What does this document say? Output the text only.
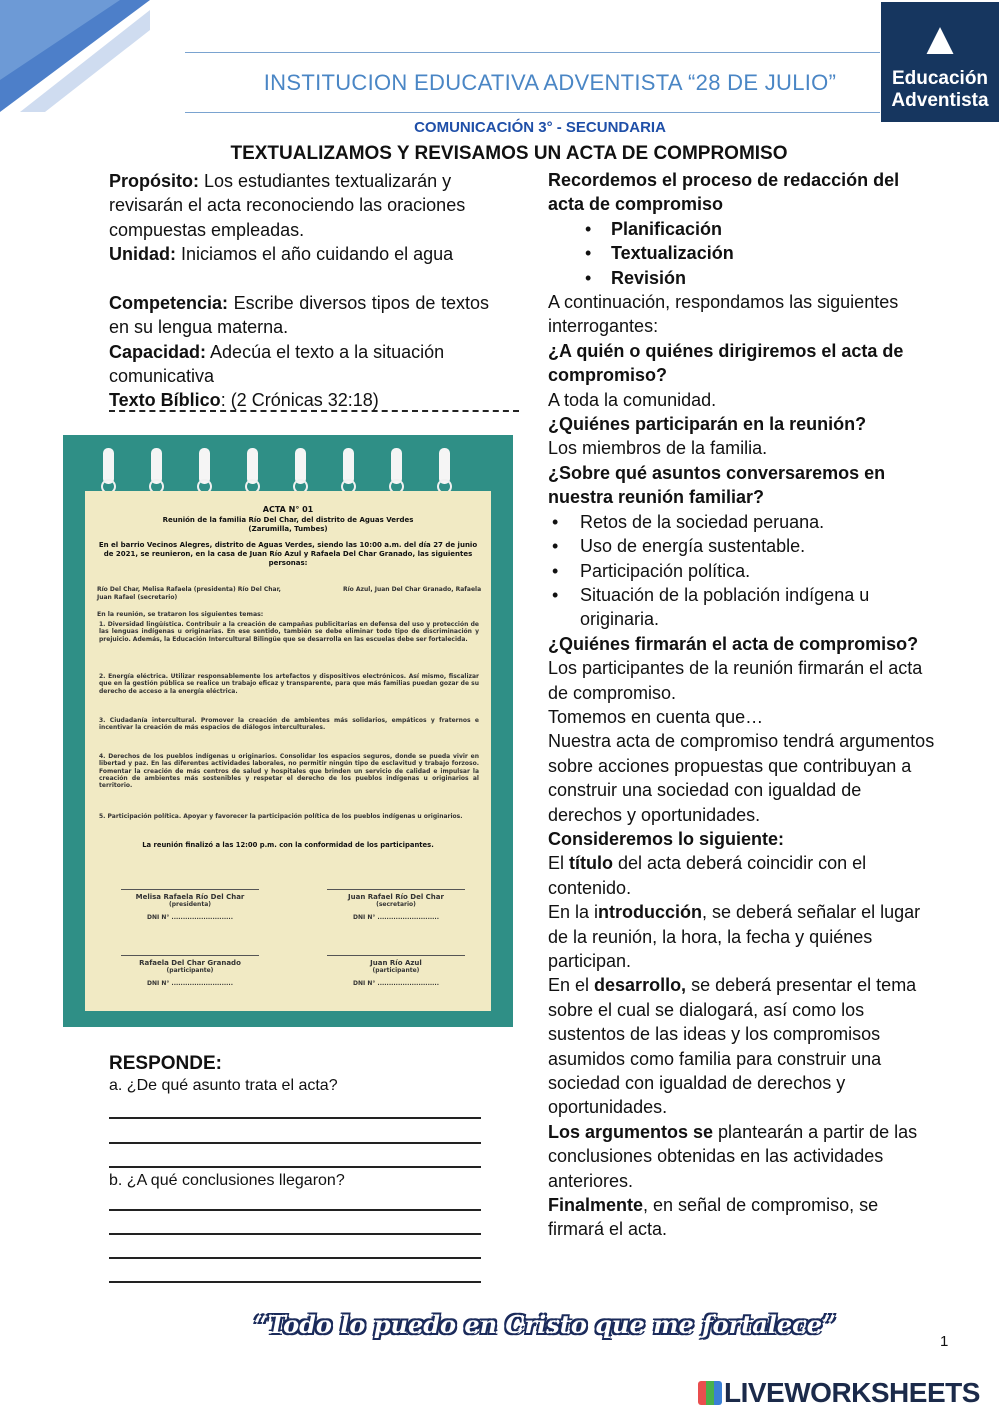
INSTITUCION EDUCATIVA ADVENTISTA “28 DE JULIO”
▲
Educación
Adventista
COMUNICACIÓN 3° - SECUNDARIA
TEXTUALIZAMOS Y REVISAMOS UN ACTA DE COMPROMISO
Propósito: Los estudiantes textualizarán y revisarán el acta reconociendo las oraciones compuestas empleadas.
Unidad: Iniciamos el año cuidando el agua
Competencia: Escribe diversos tipos de textos en su lengua materna.
Capacidad: Adecúa el texto a la situación comunicativa
Texto Bíblico: (2 Crónicas 32:18)
ACTA N° 01
Reunión de la familia Río Del Char, del distrito de Aguas Verdes (Zarumilla, Tumbes)
En el barrio Vecinos Alegres, distrito de Aguas Verdes, siendo las 10:00 a.m. del día 27 de junio de 2021, se reunieron, en la casa de Juan Río Azul y Rafaela Del Char Granado, las siguientes personas:
Río Del Char, Melisa Rafaela (presidenta) Río Del Char, Juan Rafael (secretario)
Río Azul, Juan Del Char Granado, Rafaela
En la reunión, se trataron los siguientes temas:
1. Diversidad lingüística. Contribuir a la creación de campañas publicitarias en defensa del uso y protección de las lenguas indígenas u originarias. En ese sentido, también se debe eliminar todo tipo de discriminación y prejuicio. Además, la Educación Intercultural Bilingüe que se desarrolla en las escuelas debe ser fortalecida.
2. Energía eléctrica. Utilizar responsablemente los artefactos y dispositivos electrónicos. Así mismo, fiscalizar que en la gestión pública se realice un trabajo eficaz y transparente, para que más familias puedan gozar de su derecho de acceso a la energía eléctrica.
3. Ciudadanía intercultural. Promover la creación de ambientes más solidarios, empáticos y fraternos e incentivar la creación de más espacios de diálogos interculturales.
4. Derechos de los pueblos indígenas u originarios. Consolidar los espacios seguros, donde se pueda vivir en libertad y paz. En las diferentes actividades laborales, no permitir ningún tipo de esclavitud y trabajo forzoso. Fomentar la creación de más centros de salud y hospitales que brinden un servicio de calidad e impulsar la creación de ambientes más sostenibles y respetar el derecho de los pueblos indígenas u originarios al territorio.
5. Participación política. Apoyar y favorecer la participación política de los pueblos indígenas u originarios.
La reunión finalizó a las 12:00 p.m. con la conformidad de los participantes.
Melisa Rafaela Río Del Char
(presidenta)
DNI N° ...........................
Juan Rafael Río Del Char
(secretario)
DNI N° ...........................
Rafaela Del Char Granado
(participante)
DNI N° ...........................
Juan Río Azul
(participante)
DNI N° ...........................
RESPONDE:
a. ¿De qué asunto trata el acta?
b. ¿A qué conclusiones llegaron?

Recordemos el proceso de redacción del acta de compromiso

• Planificación
• Textualización
• Revisión

A continuación, respondamos las siguientes interrogantes:

¿A quién o quiénes dirigiremos el acta de compromiso?

A toda la comunidad.

¿Quiénes participarán en la reunión?

Los miembros de la familia.

¿Sobre qué asuntos conversaremos en nuestra reunión familiar?

• Retos de la sociedad peruana.
• Uso de energía sustentable.
• Participación política.
• Situación de la población indígena u originaria.

¿Quiénes firmarán el acta de compromiso?

Los participantes de la reunión firmarán el acta de compromiso.

Tomemos en cuenta que…

Nuestra acta de compromiso tendrá argumentos sobre acciones propuestas que contribuyan a construir una sociedad con igualdad de derechos y oportunidades.

Consideremos lo siguiente:

El título del acta deberá coincidir con el contenido.

En la introducción, se deberá señalar el lugar de la reunión, la hora, la fecha y quiénes participan.

En el desarrollo, se deberá presentar el tema sobre el cual se dialogará, así como los sustentos de las ideas y los compromisos asumidos como familia para construir una sociedad con igualdad de derechos y oportunidades.

Los argumentos se plantearán a partir de las conclusiones obtenidas en las actividades anteriores.

Finalmente, en señal de compromiso, se firmará el acta.

“Todo lo puedo en Cristo que me fortalece”
1
LIVEWORKSHEETS
